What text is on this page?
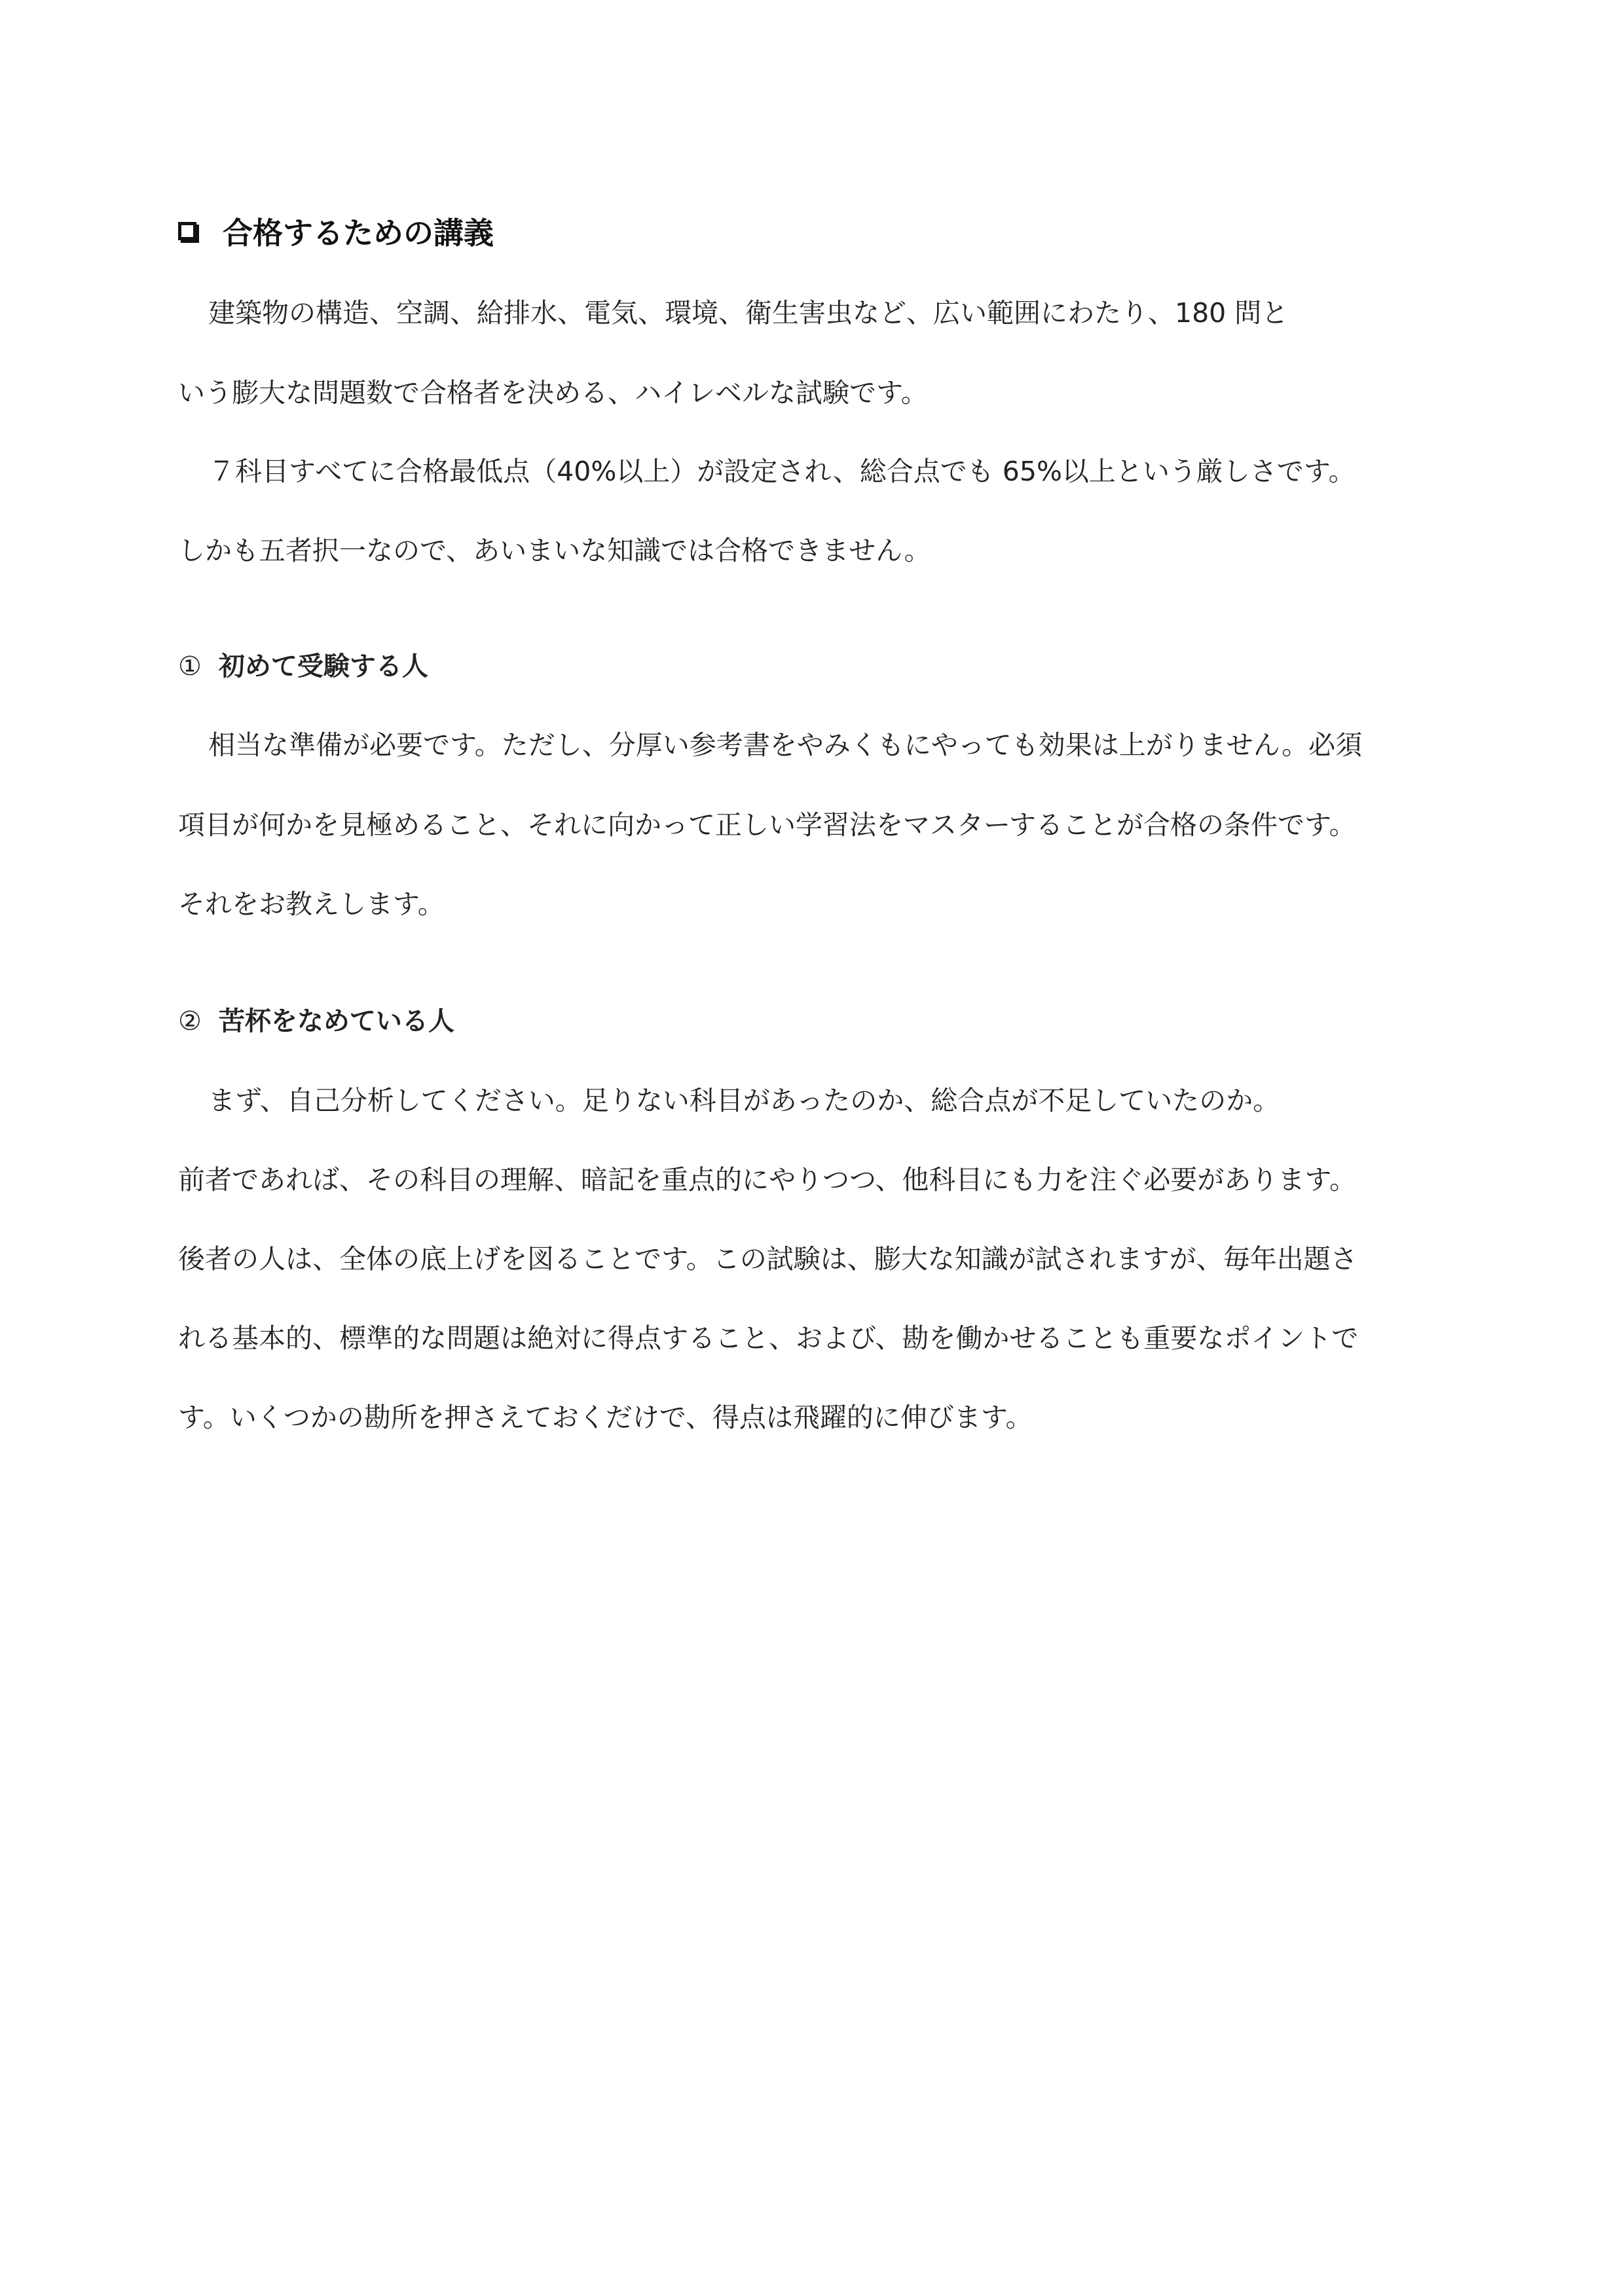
合格するための講義
建築物の構造、空調、給排水、電気、環境、衛生害虫など、広い範囲にわたり、180 問と
いう膨大な問題数で合格者を決める、ハイレベルな試験です。
７科目すべてに合格最低点（40%以上）が設定され、総合点でも 65%以上という厳しさです。
しかも五者択一なので、あいまいな知識では合格できません。
① 初めて受験する人
相当な準備が必要です。ただし、分厚い参考書をやみくもにやっても効果は上がりません。必須
項目が何かを見極めること、それに向かって正しい学習法をマスターすることが合格の条件です。
それをお教えします。
② 苦杯をなめている人
まず、自己分析してください。足りない科目があったのか、総合点が不足していたのか。
前者であれば、その科目の理解、暗記を重点的にやりつつ、他科目にも力を注ぐ必要があります。
後者の人は、全体の底上げを図ることです。この試験は、膨大な知識が試されますが、毎年出題さ
れる基本的、標準的な問題は絶対に得点すること、および、勘を働かせることも重要なポイントで
す。いくつかの勘所を押さえておくだけで、得点は飛躍的に伸びます。
